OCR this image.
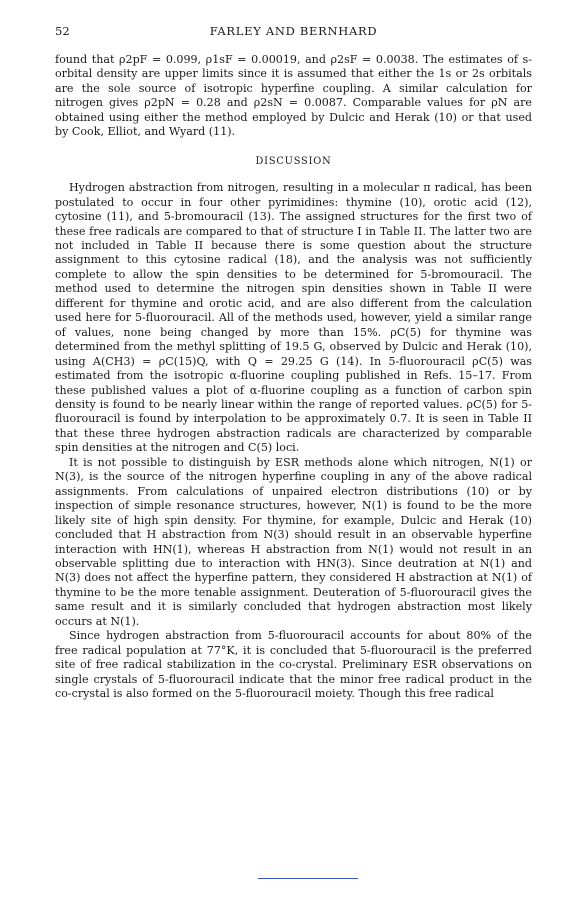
52	FARLEY AND BERNHARD

found that ρ2pF = 0.099, ρ1sF = 0.00019, and ρ2sF = 0.0038. The estimates of s-orbital density are upper limits since it is assumed that either the 1s or 2s orbitals are the sole source of isotropic hyperfine coupling. A similar calculation for nitrogen gives ρ2pN = 0.28 and ρ2sN = 0.0087. Comparable values for ρN are obtained using either the method employed by Dulcic and Herak (10) or that used by Cook, Elliot, and Wyard (11).

DISCUSSION

Hydrogen abstraction from nitrogen, resulting in a molecular π radical, has been postulated to occur in four other pyrimidines: thymine (10), orotic acid (12), cytosine (11), and 5-bromouracil (13). The assigned structures for the first two of these free radicals are compared to that of structure I in Table II. The latter two are not included in Table II because there is some question about the structure assignment to this cytosine radical (18), and the analysis was not sufficiently complete to allow the spin densities to be determined for 5-bromouracil. The method used to determine the nitrogen spin densities shown in Table II were different for thymine and orotic acid, and are also different from the calculation used here for 5-fluorouracil. All of the methods used, however, yield a similar range of values, none being changed by more than 15%. ρC(5) for thymine was determined from the methyl splitting of 19.5 G, observed by Dulcic and Herak (10), using A(CH3) = ρC(15)Q, with Q = 29.25 G (14). In 5-fluorouracil ρC(5) was estimated from the isotropic α-fluorine coupling published in Refs. 15–17. From these published values a plot of α-fluorine coupling as a function of carbon spin density is found to be nearly linear within the range of reported values. ρC(5) for 5-fluorouracil is found by interpolation to be approximately 0.7. It is seen in Table II that these three hydrogen abstraction radicals are characterized by comparable spin densities at the nitrogen and C(5) loci.

It is not possible to distinguish by ESR methods alone which nitrogen, N(1) or N(3), is the source of the nitrogen hyperfine coupling in any of the above radical assignments. From calculations of unpaired electron distributions (10) or by inspection of simple resonance structures, however, N(1) is found to be the more likely site of high spin density. For thymine, for example, Dulcic and Herak (10) concluded that H abstraction from N(3) should result in an observable hyperfine interaction with HN(1), whereas H abstraction from N(1) would not result in an observable splitting due to interaction with HN(3). Since deutration at N(1) and N(3) does not affect the hyperfine pattern, they considered H abstraction at N(1) of thymine to be the more tenable assignment. Deuteration of 5-fluorouracil gives the same result and it is similarly concluded that hydrogen abstraction most likely occurs at N(1).

Since hydrogen abstraction from 5-fluorouracil accounts for about 80% of the free radical population at 77°K, it is concluded that 5-fluorouracil is the preferred site of free radical stabilization in the co-crystal. Preliminary ESR observations on single crystals of 5-fluorouracil indicate that the minor free radical product in the co-crystal is also formed on the 5-fluorouracil moiety. Though this free radical
